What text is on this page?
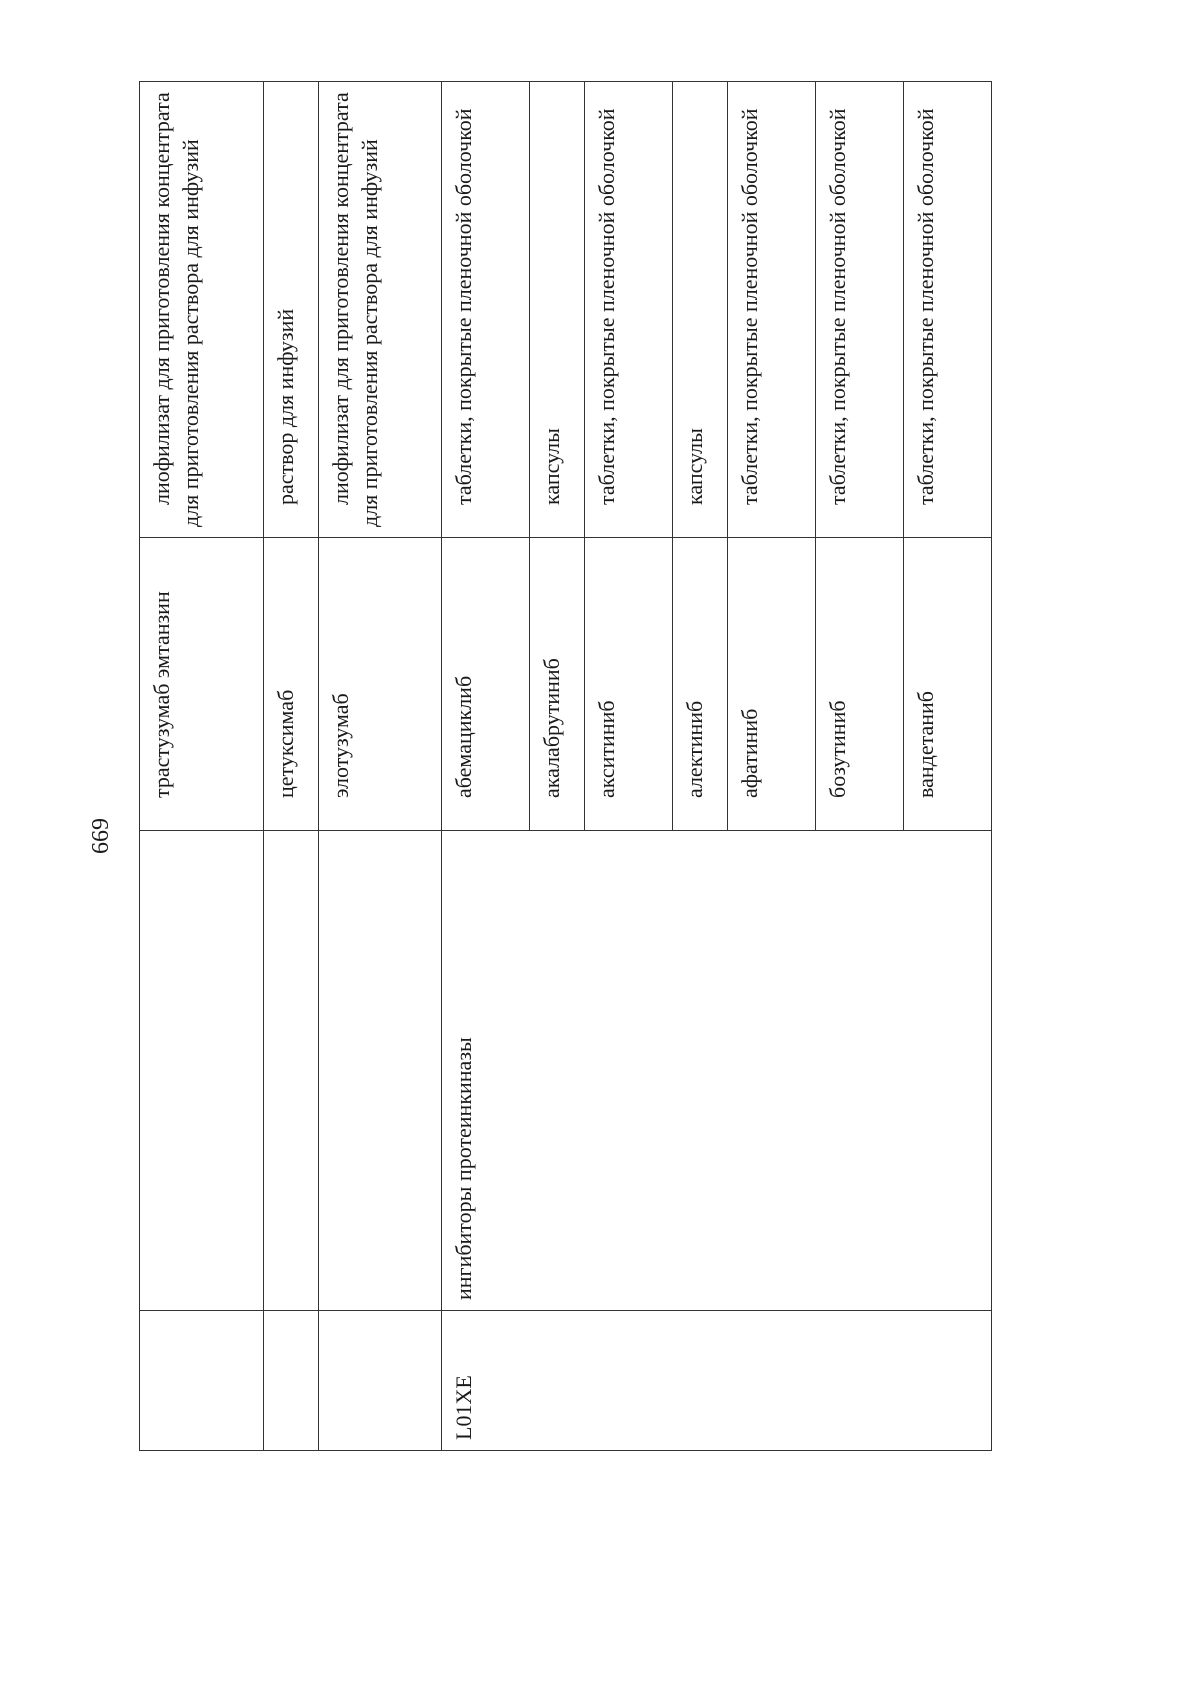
669
		трастузумаб эмтанзин	лиофилизат для приготовления концентрата для приготовления раствора для инфузий
		цетуксимаб	раствор для инфузий
		элотузумаб	лиофилизат для приготовления концентрата для приготовления раствора для инфузий
L01XE	ингибиторы протеинкиназы	абемациклиб	таблетки, покрытые пленочной оболочкой
		акалабрутиниб	капсулы
		акситиниб	таблетки, покрытые пленочной оболочкой
		алектиниб	капсулы
		афатиниб	таблетки, покрытые пленочной оболочкой
		бозутиниб	таблетки, покрытые пленочной оболочкой
		вандетаниб	таблетки, покрытые пленочной оболочкой
